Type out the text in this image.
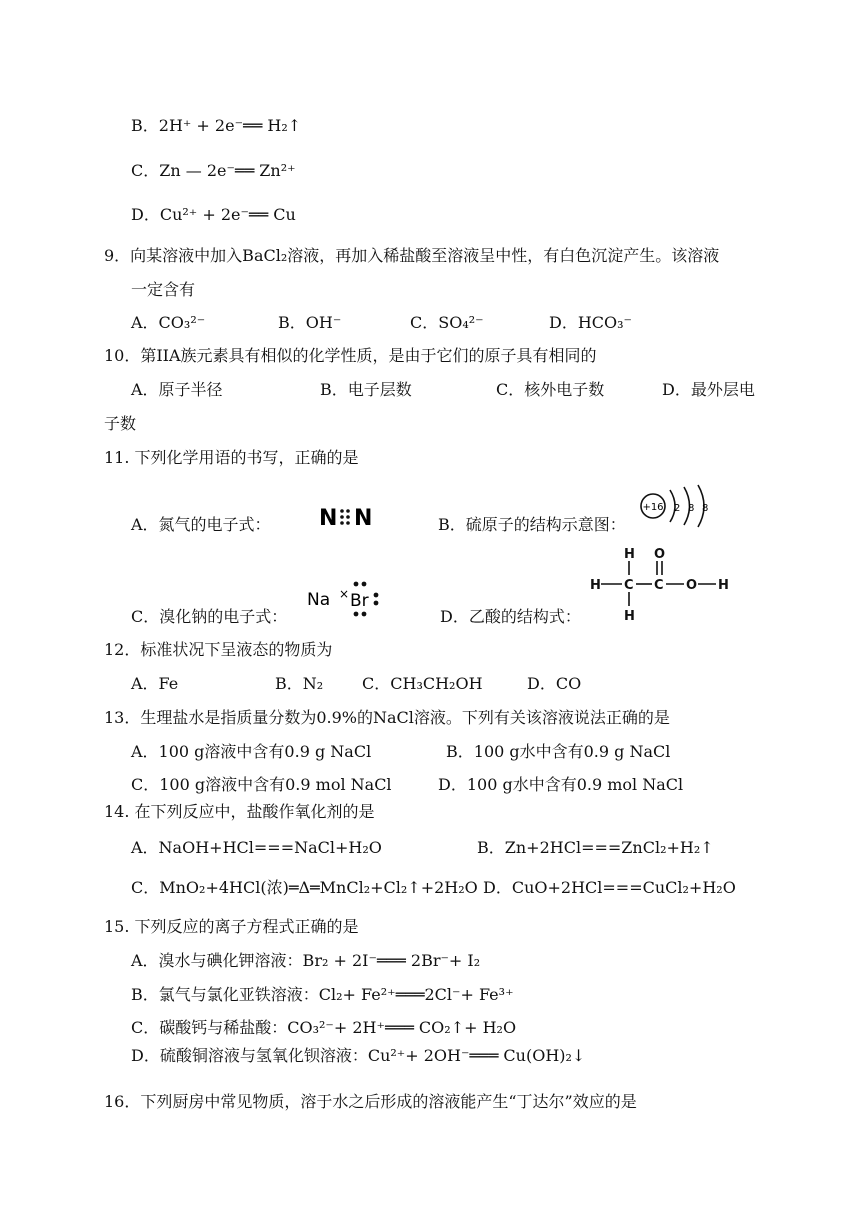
B．2H⁺ + 2e⁻══ H₂↑
C．Zn — 2e⁻══ Zn²⁺
D．Cu²⁺ + 2e⁻══ Cu
9．向某溶液中加入BaCl₂溶液，再加入稀盐酸至溶液呈中性，有白色沉淀产生。该溶液
一定含有
A．CO₃²⁻	B．OH⁻	C．SO₄²⁻	D．HCO₃⁻
10．第IIA族元素具有相似的化学性质，是由于它们的原子具有相同的
A．原子半径	B．电子层数	C．核外电子数	D．最外层电
子数
11. 下列化学用语的书写，正确的是
A．氮气的电子式：	B．硫原子的结构示意图：
C．溴化钠的电子式：	D．乙酸的结构式：
N N	+16 2 8 8
Na × Br
H
H C
H
O
C O H
12．标准状况下呈液态的物质为
A．Fe	B．N₂ C．CH₃CH₂OH	D．CO
13．生理盐水是指质量分数为0.9%的NaCl溶液。下列有关该溶液说法正确的是
A．100 g溶液中含有0.9 g NaCl	B．100 g水中含有0.9 g NaCl
C．100 g溶液中含有0.9 mol NaCl	D．100 g水中含有0.9 mol NaCl
14. 在下列反应中，盐酸作氧化剂的是
A．NaOH+HCl===NaCl+H₂O	B．Zn+2HCl===ZnCl₂+H₂↑
C．MnO₂+4HCl(浓)═Δ═MnCl₂+Cl₂↑+2H₂O D．CuO+2HCl===CuCl₂+H₂O
15. 下列反应的离子方程式正确的是
A．溴水与碘化钾溶液：Br₂ + 2I⁻═══ 2Br⁻+ I₂
B．氯气与氯化亚铁溶液：Cl₂+ Fe²⁺═══2Cl⁻+ Fe³⁺
C．碳酸钙与稀盐酸：CO₃²⁻+ 2H⁺═══ CO₂↑+ H₂O
D．硫酸铜溶液与氢氧化钡溶液：Cu²⁺+ 2OH⁻═══ Cu(OH)₂↓
16．下列厨房中常见物质，溶于水之后形成的溶液能产生“丁达尔”效应的是
